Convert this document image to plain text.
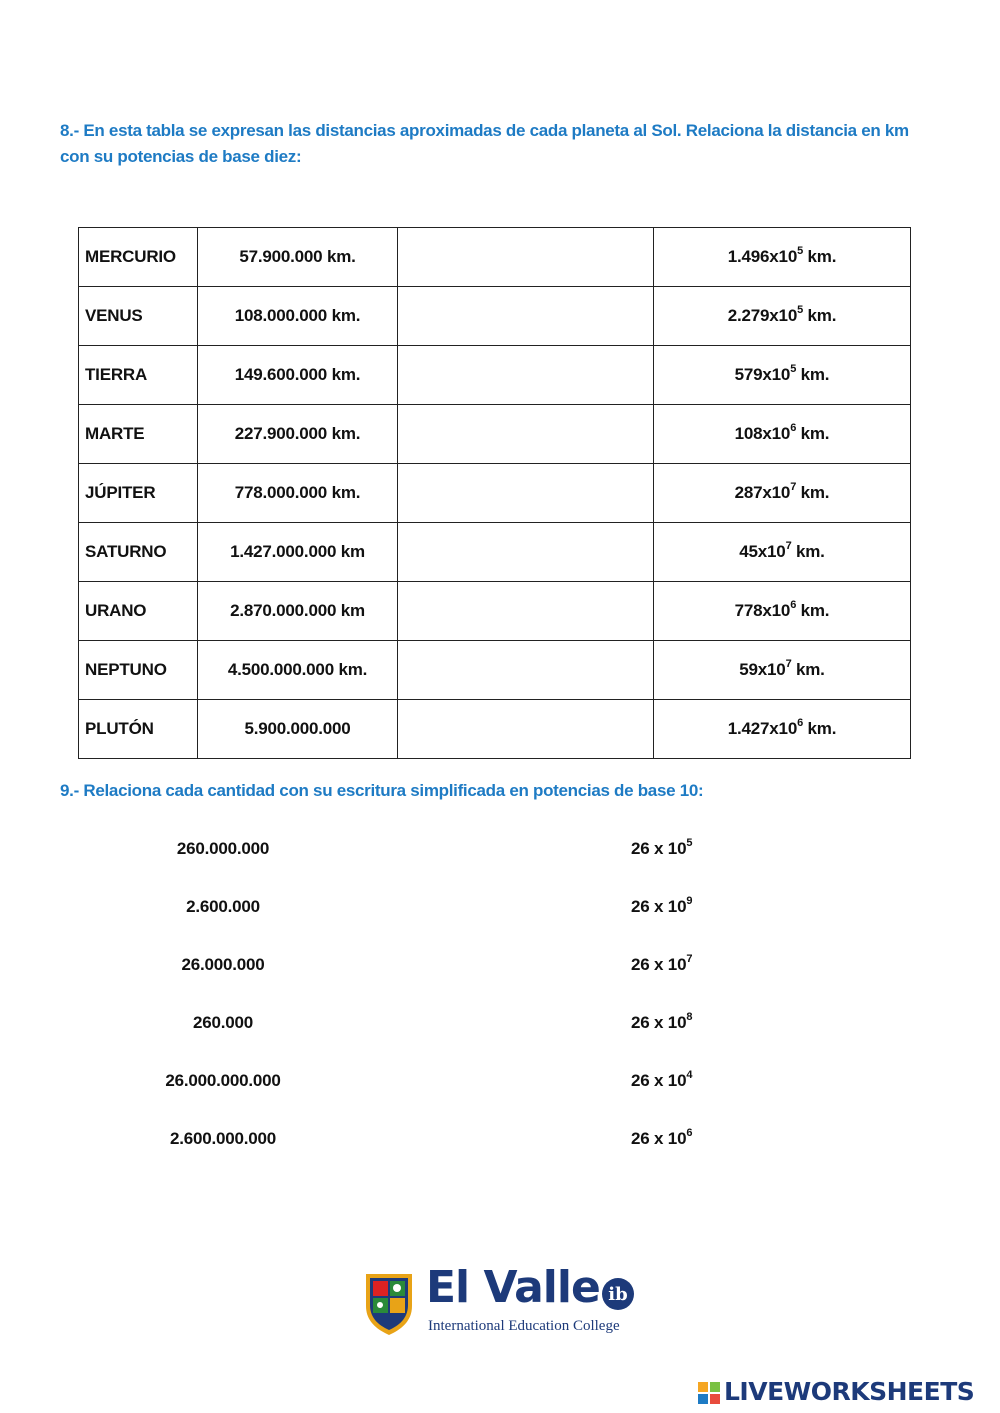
8.- En esta tabla se expresan las distancias aproximadas de cada planeta al Sol. Relaciona la distancia en km con su potencias de base diez:
MERCURIO	57.900.000 km.		$1.496x10^5$ km.
VENUS	108.000.000 km.		$2.279x10^5$ km.
TIERRA	149.600.000 km.		$579x10^5$ km.
MARTE	227.900.000 km.		$108x10^6$ km.
JÚPITER	778.000.000 km.		$287x10^7$ km.
SATURNO	1.427.000.000 km		$45x10^7$ km.
URANO	2.870.000.000 km		$778x10^6$ km.
NEPTUNO	4.500.000.000 km.		$59x10^7$ km.
PLUTÓN	5.900.000.000		$1.427x10^6$ km.
9.- Relaciona cada cantidad con su escritura simplificada en potencias de base 10:
260.000.000	26 x $10^5$
2.600.000	26 x $10^9$
26.000.000	26 x $10^7$
260.000	26 x $10^8$
26.000.000.000	26 x $10^4$
2.600.000.000	26 x $10^6$
El Valle ib
International Education College
LIVEWORKSHEETS
